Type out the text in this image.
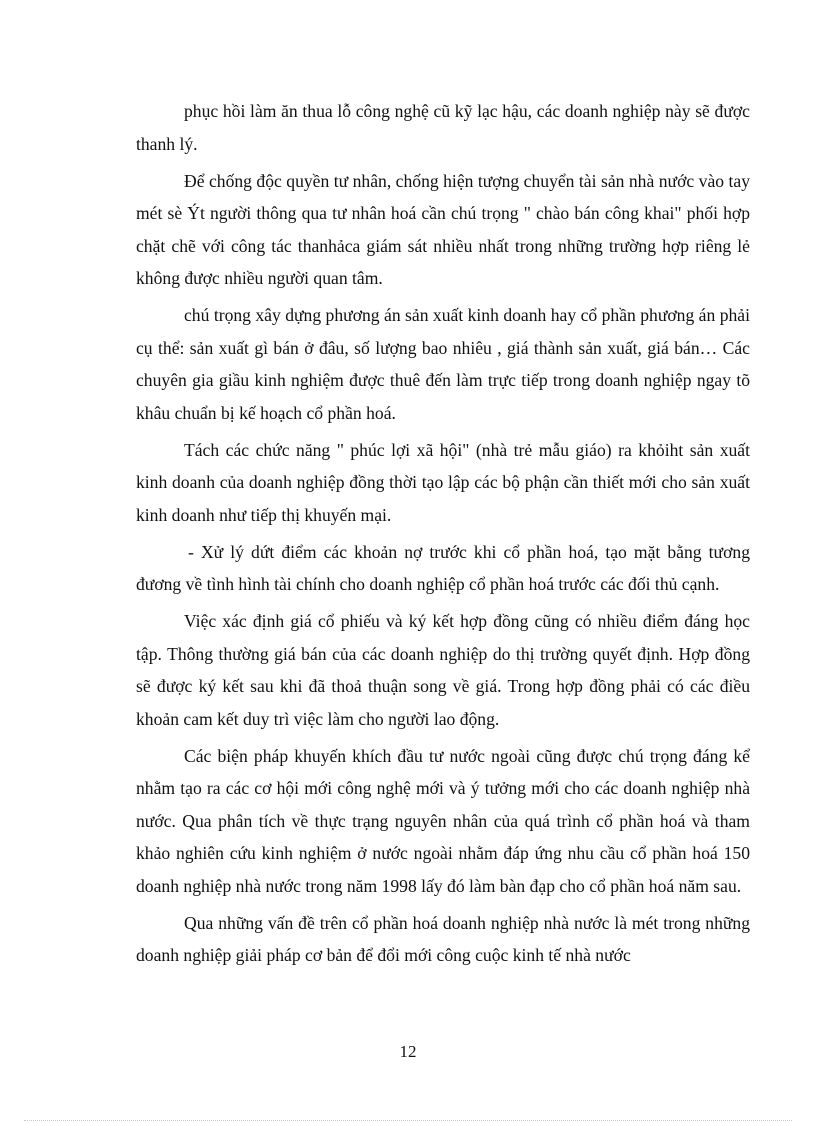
phục hồi làm ăn thua lỗ công nghệ cũ kỹ lạc hậu, các doanh nghiệp này sẽ được thanh lý.

Để chống độc quyền tư nhân, chống hiện tượng chuyển tài sản nhà nước vào tay mét sè Ýt người thông qua tư nhân hoá cần chú trọng " chào bán công khai" phối hợp chặt chẽ với công tác thanhảca giám sát nhiều nhất trong những trường hợp riêng lẻ không được nhiều người quan tâm.

chú trọng xây dựng phương án sản xuất kinh doanh hay cổ phần phương án phải cụ thể: sản xuất gì bán ở đâu, số lượng bao nhiêu , giá thành sản xuất, giá bán… Các chuyên gia giầu kinh nghiệm được thuê đến làm trực tiếp trong doanh nghiệp ngay tõ khâu chuẩn bị kế hoạch cổ phần hoá.

Tách các chức năng " phúc lợi xã hội" (nhà trẻ mẫu giáo) ra khỏiht sản xuất kinh doanh của doanh nghiệp đồng thời tạo lập các bộ phận cần thiết mới cho sản xuất kinh doanh như tiếp thị khuyến mại.

- Xử lý dứt điểm các khoản nợ trước khi cổ phần hoá, tạo mặt bằng tương đương về tình hình tài chính cho doanh nghiệp cổ phần hoá trước các đối thủ cạnh.

Việc xác định giá cổ phiếu và ký kết hợp đồng cũng có nhiều điểm đáng học tập. Thông thường giá bán của các doanh nghiệp do thị trường quyết định. Hợp đồng sẽ được ký kết sau khi đã thoả thuận song về giá. Trong hợp đồng phải có các điều khoản cam kết duy trì việc làm cho người lao động.

Các biện pháp khuyến khích đầu tư nước ngoài cũng được chú trọng đáng kể nhằm tạo ra các cơ hội mới công nghệ mới và ý tưởng mới cho các doanh nghiệp nhà nước. Qua phân tích về thực trạng nguyên nhân của quá trình cổ phần hoá và tham khảo nghiên cứu kinh nghiệm ở nước ngoài nhằm đáp ứng nhu cầu cổ phần hoá 150 doanh nghiệp nhà nước trong năm 1998 lấy đó làm bàn đạp cho cổ phần hoá năm sau.

Qua những vấn đề trên cổ phần hoá doanh nghiệp nhà nước là mét trong những doanh nghiệp giải pháp cơ bản để đổi mới công cuộc kinh tế nhà nước

12
